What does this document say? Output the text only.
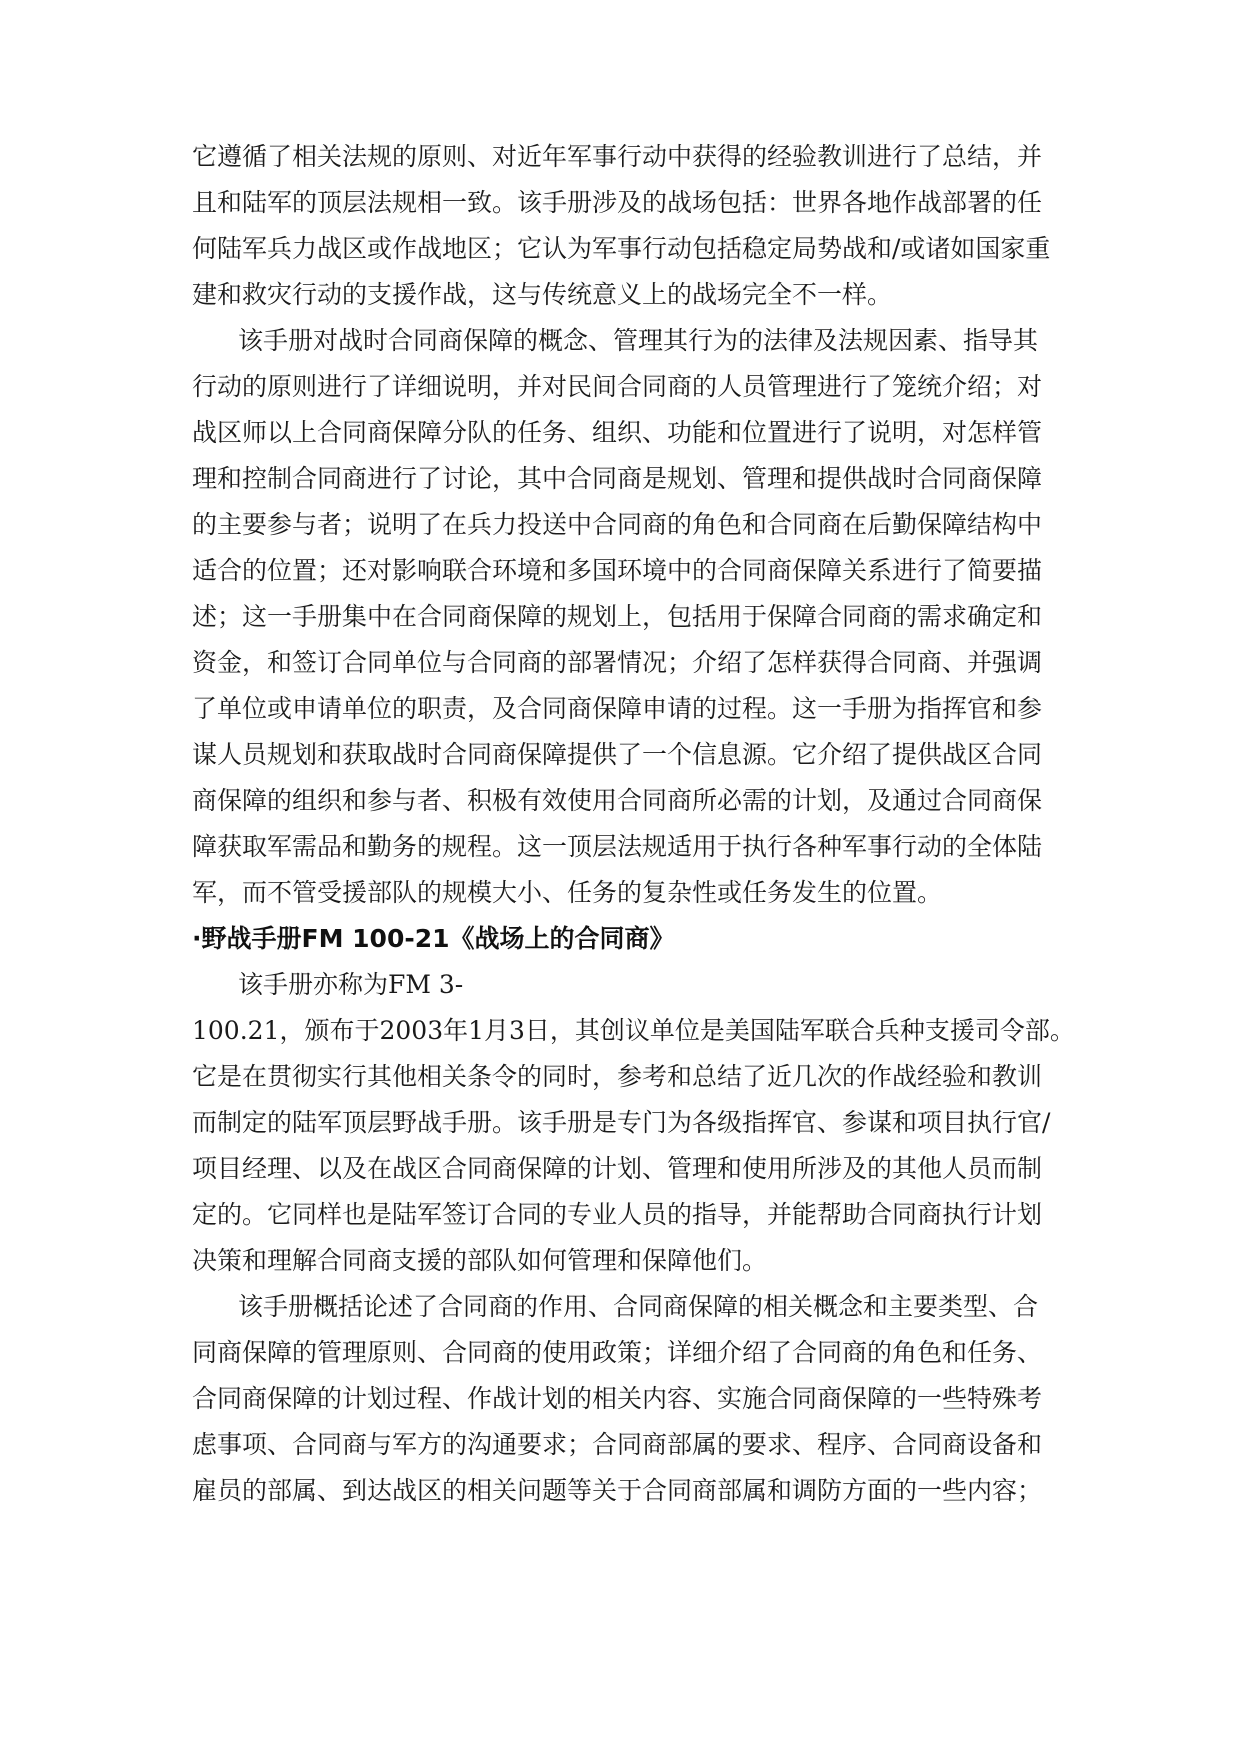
它遵循了相关法规的原则、对近年军事行动中获得的经验教训进行了总结，并

且和陆军的顶层法规相一致。该手册涉及的战场包括：世界各地作战部署的任

何陆军兵力战区或作战地区；它认为军事行动包括稳定局势战和/或诸如国家重

建和救灾行动的支援作战，这与传统意义上的战场完全不一样。

该手册对战时合同商保障的概念、管理其行为的法律及法规因素、指导其

行动的原则进行了详细说明，并对民间合同商的人员管理进行了笼统介绍；对

战区师以上合同商保障分队的任务、组织、功能和位置进行了说明，对怎样管

理和控制合同商进行了讨论，其中合同商是规划、管理和提供战时合同商保障

的主要参与者；说明了在兵力投送中合同商的角色和合同商在后勤保障结构中

适合的位置；还对影响联合环境和多国环境中的合同商保障关系进行了简要描

述；这一手册集中在合同商保障的规划上，包括用于保障合同商的需求确定和

资金，和签订合同单位与合同商的部署情况；介绍了怎样获得合同商、并强调

了单位或申请单位的职责，及合同商保障申请的过程。这一手册为指挥官和参

谋人员规划和获取战时合同商保障提供了一个信息源。它介绍了提供战区合同

商保障的组织和参与者、积极有效使用合同商所必需的计划，及通过合同商保

障获取军需品和勤务的规程。这一顶层法规适用于执行各种军事行动的全体陆

军，而不管受援部队的规模大小、任务的复杂性或任务发生的位置。

·野战手册FM 100-21《战场上的合同商》

该手册亦称为FM 3-

100.21，颁布于2003年1月3日，其创议单位是美国陆军联合兵种支援司令部。

它是在贯彻实行其他相关条令的同时，参考和总结了近几次的作战经验和教训

而制定的陆军顶层野战手册。该手册是专门为各级指挥官、参谋和项目执行官/

项目经理、以及在战区合同商保障的计划、管理和使用所涉及的其他人员而制

定的。它同样也是陆军签订合同的专业人员的指导，并能帮助合同商执行计划

决策和理解合同商支援的部队如何管理和保障他们。

该手册概括论述了合同商的作用、合同商保障的相关概念和主要类型、合

同商保障的管理原则、合同商的使用政策；详细介绍了合同商的角色和任务、

合同商保障的计划过程、作战计划的相关内容、实施合同商保障的一些特殊考

虑事项、合同商与军方的沟通要求；合同商部属的要求、程序、合同商设备和

雇员的部属、到达战区的相关问题等关于合同商部属和调防方面的一些内容；
